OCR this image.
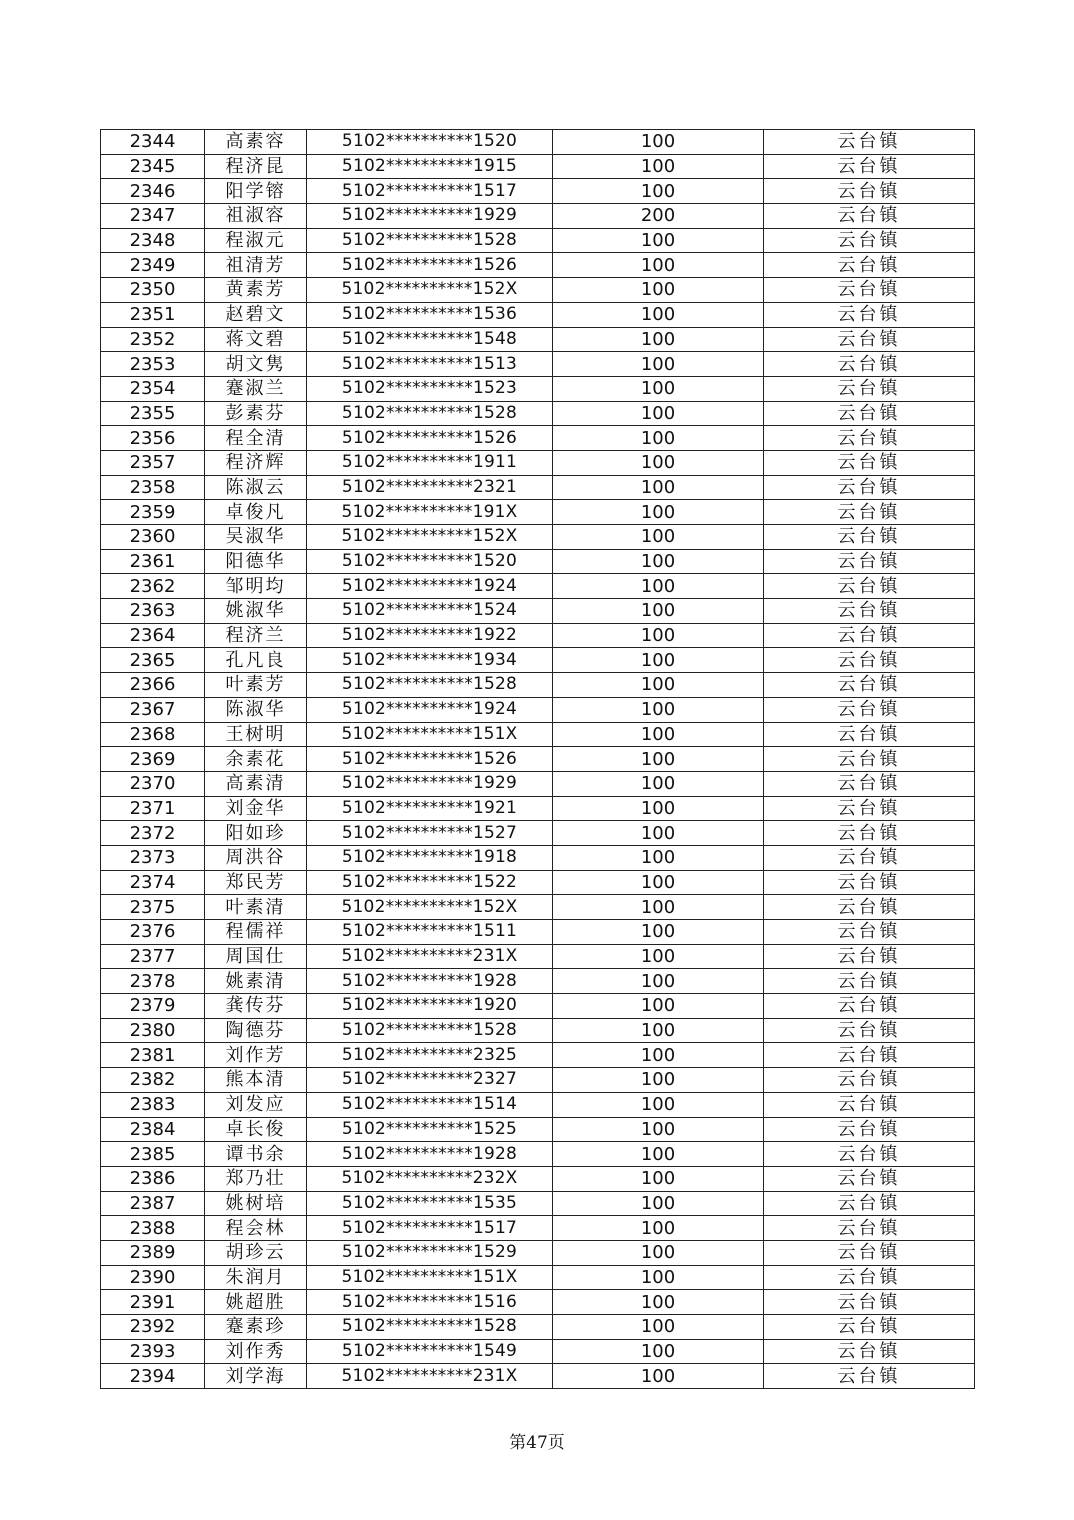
2344	高素容	5102**********1520	100	云台镇
2345	程济昆	5102**********1915	100	云台镇
2346	阳学镕	5102**********1517	100	云台镇
2347	祖淑容	5102**********1929	200	云台镇
2348	程淑元	5102**********1528	100	云台镇
2349	祖清芳	5102**********1526	100	云台镇
2350	黄素芳	5102**********152X	100	云台镇
2351	赵碧文	5102**********1536	100	云台镇
2352	蒋文碧	5102**********1548	100	云台镇
2353	胡文隽	5102**********1513	100	云台镇
2354	蹇淑兰	5102**********1523	100	云台镇
2355	彭素芬	5102**********1528	100	云台镇
2356	程全清	5102**********1526	100	云台镇
2357	程济辉	5102**********1911	100	云台镇
2358	陈淑云	5102**********2321	100	云台镇
2359	卓俊凡	5102**********191X	100	云台镇
2360	吴淑华	5102**********152X	100	云台镇
2361	阳德华	5102**********1520	100	云台镇
2362	邹明均	5102**********1924	100	云台镇
2363	姚淑华	5102**********1524	100	云台镇
2364	程济兰	5102**********1922	100	云台镇
2365	孔凡良	5102**********1934	100	云台镇
2366	叶素芳	5102**********1528	100	云台镇
2367	陈淑华	5102**********1924	100	云台镇
2368	王树明	5102**********151X	100	云台镇
2369	余素花	5102**********1526	100	云台镇
2370	高素清	5102**********1929	100	云台镇
2371	刘金华	5102**********1921	100	云台镇
2372	阳如珍	5102**********1527	100	云台镇
2373	周洪谷	5102**********1918	100	云台镇
2374	郑民芳	5102**********1522	100	云台镇
2375	叶素清	5102**********152X	100	云台镇
2376	程儒祥	5102**********1511	100	云台镇
2377	周国仕	5102**********231X	100	云台镇
2378	姚素清	5102**********1928	100	云台镇
2379	龚传芬	5102**********1920	100	云台镇
2380	陶德芬	5102**********1528	100	云台镇
2381	刘作芳	5102**********2325	100	云台镇
2382	熊本清	5102**********2327	100	云台镇
2383	刘发应	5102**********1514	100	云台镇
2384	卓长俊	5102**********1525	100	云台镇
2385	谭书余	5102**********1928	100	云台镇
2386	郑乃壮	5102**********232X	100	云台镇
2387	姚树培	5102**********1535	100	云台镇
2388	程会林	5102**********1517	100	云台镇
2389	胡珍云	5102**********1529	100	云台镇
2390	朱润月	5102**********151X	100	云台镇
2391	姚超胜	5102**********1516	100	云台镇
2392	蹇素珍	5102**********1528	100	云台镇
2393	刘作秀	5102**********1549	100	云台镇
2394	刘学海	5102**********231X	100	云台镇
第47页
